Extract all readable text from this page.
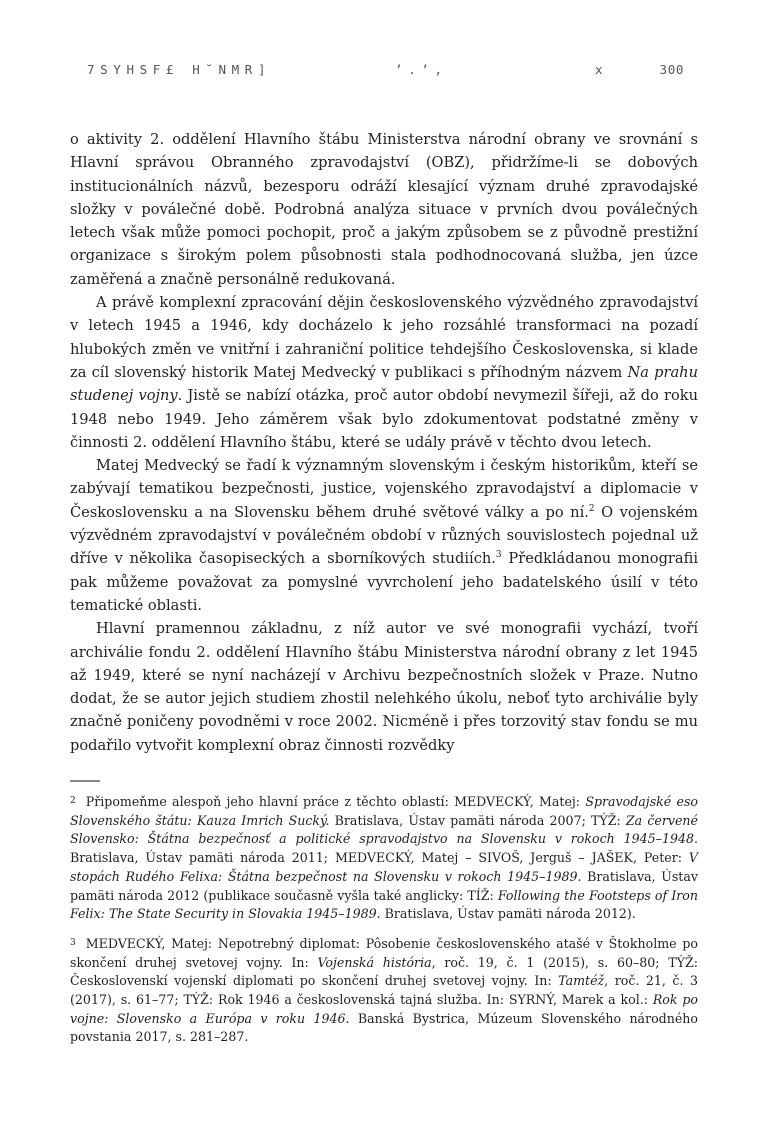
7SYHSF£ H˘NMR]	’.’,	x	300

o aktivity 2. oddělení Hlavního štábu Ministerstva národní obrany ve srovnání s Hlavní správou Obranného zpravodajství (OBZ), přidržíme-li se dobových institucionálních názvů, bezesporu odráží klesající význam druhé zpravodajské složky v poválečné době. Podrobná analýza situace v prvních dvou poválečných letech však může pomoci pochopit, proč a jakým způsobem se z původně prestižní organizace s širokým polem působnosti stala podhodnocovaná služba, jen úzce zaměřená a značně personálně redukovaná.

A právě komplexní zpracování dějin československého výzvědného zpravodajství v letech 1945 a 1946, kdy docházelo k jeho rozsáhlé transformaci na pozadí hlubokých změn ve vnitřní i zahraniční politice tehdejšího Československa, si klade za cíl slovenský historik Matej Medvecký v publikaci s příhodným názvem Na prahu studenej vojny. Jistě se nabízí otázka, proč autor období nevymezil šířeji, až do roku 1948 nebo 1949. Jeho záměrem však bylo zdokumentovat podstatné změny v činnosti 2. oddělení Hlavního štábu, které se udály právě v těchto dvou letech.

Matej Medvecký se řadí k významným slovenským i českým historikům, kteří se zabývají tematikou bezpečnosti, justice, vojenského zpravodajství a diplomacie v Československu a na Slovensku během druhé světové války a po ní.$^2$ O vojenském výzvědném zpravodajství v poválečném období v různých souvislostech pojednal už dříve v několika časopiseckých a sborníkových studiích.$^3$ Předkládanou monografii pak můžeme považovat za pomyslné vyvrcholení jeho badatelského úsilí v této tematické oblasti.

Hlavní pramennou základnu, z níž autor ve své monografii vychází, tvoří archiválie fondu 2. oddělení Hlavního štábu Ministerstva národní obrany z let 1945 až 1949, které se nyní nacházejí v Archivu bezpečnostních složek v Praze. Nutno dodat, že se autor jejich studiem zhostil nelehkého úkolu, neboť tyto archiválie byly značně poničeny povodněmi v roce 2002. Nicméně i přes torzovitý stav fondu se mu podařilo vytvořit komplexní obraz činnosti rozvědky

$^2$ Připomeňme alespoň jeho hlavní práce z těchto oblastí: MEDVECKÝ, Matej: Spravodajské eso Slovenského štátu: Kauza Imrich Sucký. Bratislava, Ústav pamäti národa 2007; TÝŽ: Za červené Slovensko: Štátna bezpečnosť a politické spravodajstvo na Slovensku v rokoch 1945–1948. Bratislava, Ústav pamäti národa 2011; MEDVECKÝ, Matej – SIVOŠ, Jerguš – JAŠEK, Peter: V stopách Rudého Felixa: Štátna bezpečnost na Slovensku v rokoch 1945–1989. Bratislava, Ústav pamäti národa 2012 (publikace současně vyšla také anglicky: TÍŽ: Following the Footsteps of Iron Felix: The State Security in Slovakia 1945–1989. Bratislava, Ústav pamäti národa 2012).

$^3$ MEDVECKÝ, Matej: Nepotrebný diplomat: Pôsobenie československého atašé v Štokholme po skončení druhej svetovej vojny. In: Vojenská história, roč. 19, č. 1 (2015), s. 60–80; TÝŽ: Československí vojenskí diplomati po skončení druhej svetovej vojny. In: Tamtéž, roč. 21, č. 3 (2017), s. 61–77; TÝŽ: Rok 1946 a československá tajná služba. In: SYRNÝ, Marek a kol.: Rok po vojne: Slovensko a Európa v roku 1946. Banská Bystrica, Múzeum Slovenského národného povstania 2017, s. 281–287.
